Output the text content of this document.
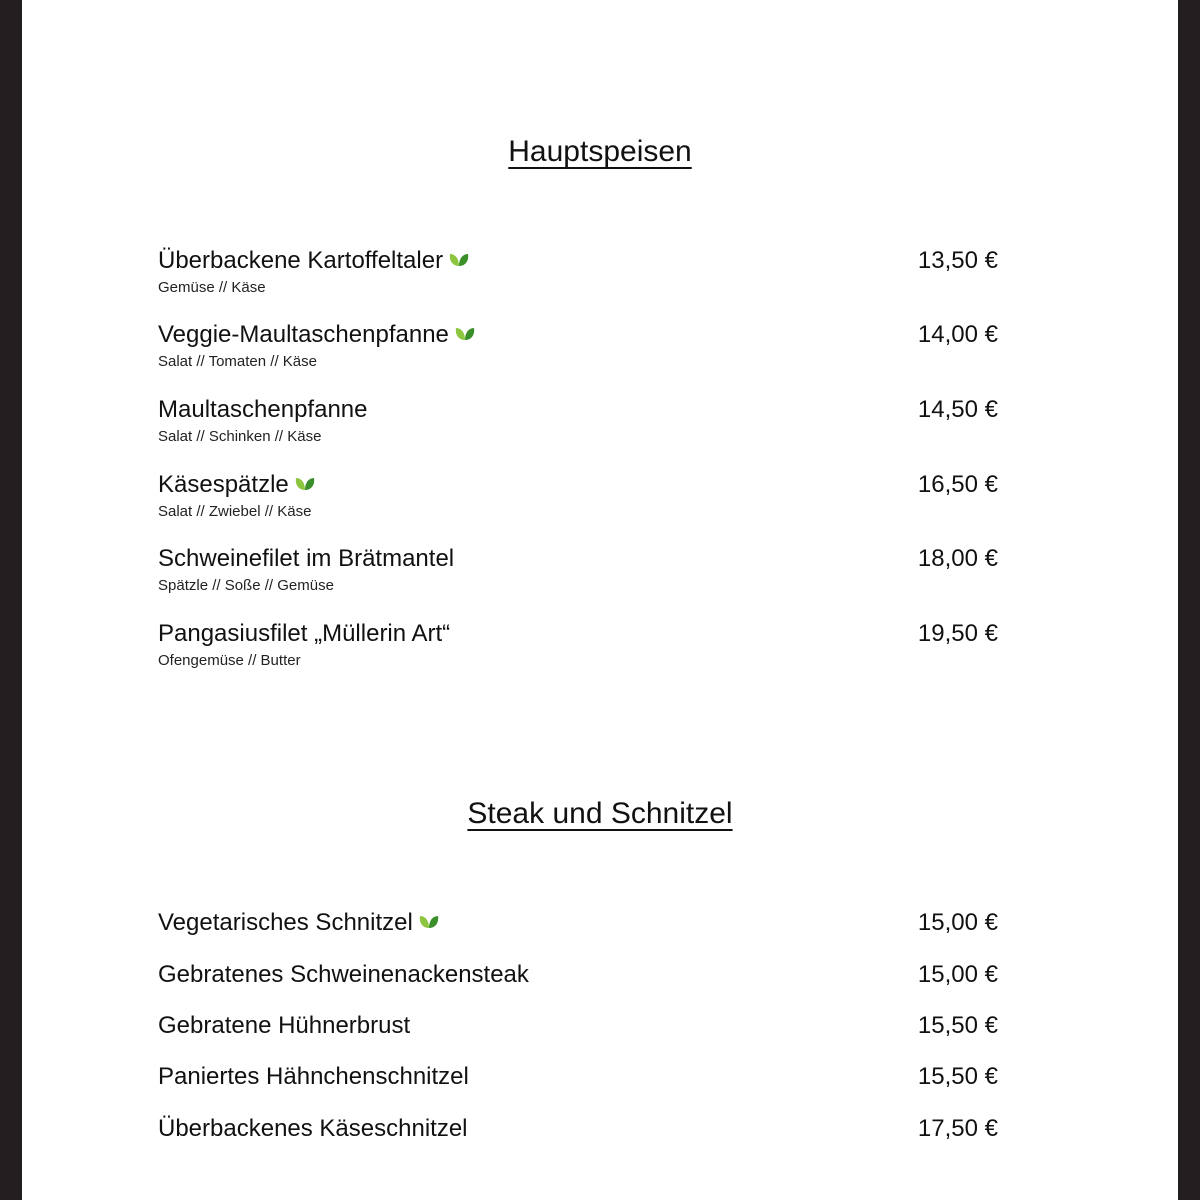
Hauptspeisen
Überbackene Kartoffeltaler
Gemüse // Käse
13,50 €
Veggie-Maultaschenpfanne
Salat // Tomaten // Käse
14,00 €
Maultaschenpfanne
Salat // Schinken // Käse
14,50 €
Käsespätzle
Salat // Zwiebel // Käse
16,50 €
Schweinefilet im Brätmantel
Spätzle // Soße // Gemüse
18,00 €
Pangasiusfilet „Müllerin Art“
Ofengemüse // Butter
19,50 €
Steak und Schnitzel
Vegetarisches Schnitzel	15,00 €
Gebratenes Schweinenackensteak	15,00 €
Gebratene Hühnerbrust	15,50 €
Paniertes Hähnchenschnitzel	15,50 €
Überbackenes Käseschnitzel	17,50 €
